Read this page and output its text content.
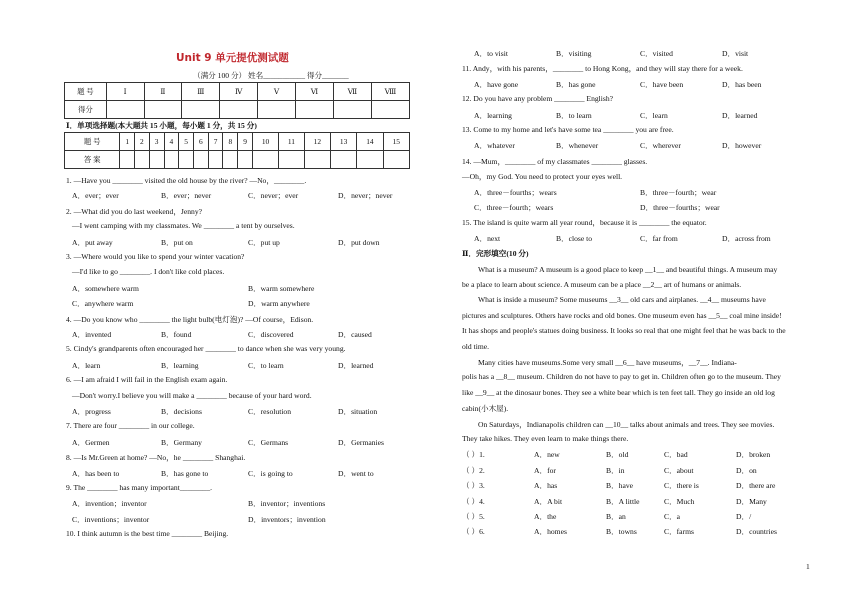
Unit 9 单元提优测试题
（满分 100 分） 姓名___________ 得分_______
题 号	Ⅰ	Ⅱ	Ⅲ	Ⅳ	Ⅴ	Ⅵ	Ⅶ	Ⅷ
得分								
Ⅰ．单项选择题(本大题共 15 小题，每小题 1 分，共 15 分)
题 号	1	2	3	4	5	6	7	8	9	10	11	12	13	14	15
答 案															
1. —Have you ________ visited the old house by the river? —No，________.
A．ever；ever	B．ever；never	C．never；ever	D．never；never
2. —What did you do last weekend，Jenny?
—I went camping with my classmates. We ________ a tent by ourselves.
A．put away	B．put on	C．put up	D．put down
3. —Where would you like to spend your winter vacation?
—I'd like to go ________. I don't like cold places.
A．somewhere warm	B．warm somewhere
C．anywhere warm	D．warm anywhere
4. —Do you know who ________ the light bulb(电灯泡)? —Of course，Edison.
A．invented	B．found	C．discovered	D．caused
5. Cindy's grandparents often encouraged her ________ to dance when she was very young.
A．learn	B．learning	C．to learn	D．learned
6. —I am afraid I will fail in the English exam again.
—Don't worry.I believe you will make a ________ because of your hard word.
A．progress	B．decisions	C．resolution	D．situation
7. There are four ________ in our college.
A．Germen	B．Germany	C．Germans	D．Germanies
8. —Is Mr.Green at home? —No，he ________ Shanghai.
A．has been to	B．has gone to	C．is going to	D．went to
9. The ________ has many important________.
A．invention；inventor	B．inventor；inventions
C．inventions；inventor	D．inventors；invention
10. I think autumn is the best time ________ Beijing.
A．to visit	B．visiting	C．visited	D．visit
11. Andy，with his parents，________ to Hong Kong，and they will stay there for a week.
A．have gone	B．has gone	C．have been	D．has been
12. Do you have any problem ________ English?
A．learning	B．to learn	C．learn	D．learned
13. Come to my home and let's have some tea ________ you are free.
A．whatever	B．whenever	C．wherever	D．however
14. —Mum，________ of my classmates ________ glasses.
—Oh，my God. You need to protect your eyes well.
A．three－fourths；wears	B．three－fourth；wear
C．three－fourth；wears	D．three－fourths；wear
15. The island is quite warm all year round，because it is ________ the equator.
A．next	B．close to	C．far from	D．across from
Ⅱ．完形填空(10 分)
What is a museum? A museum is a good place to keep __1__ and beautiful things. A museum may
be a place to learn about science. A museum can be a place __2__ art of humans or animals.
What is inside a museum? Some museums __3__ old cars and airplanes. __4__ museums have
pictures and sculptures. Others have rocks and old bones. One museum even has __5__ coal mine inside!
It has shops and people's statues doing business. It looks so real that one might feel that he was back to the
old time.
Many cities have museums.Some very small __6__ have museums，__7__. Indiana-
polis has a __8__ museum. Children do not have to pay to get in. Children often go to the museum. They
like __9__ at the dinosaur bones. They see a white bear which is ten feet tall. They go inside an old log
cabin(小木屋).
On Saturdays，Indianapolis children can __10__ talks about animals and trees. They see movies.
They take hikes. They even learn to make things there.
（ ）1.	A．new	B．old	C．bad	D．broken
（ ）2.	A．for	B．in	C．about	D．on
（ ）3.	A．has	B．have	C．there is	D．there are
（ ）4.	A．A bit	B．A little	C．Much	D．Many
（ ）5.	A．the	B．an	C．a	D．/
（ ）6.	A．homes	B．towns	C．farms	D．countries
1
